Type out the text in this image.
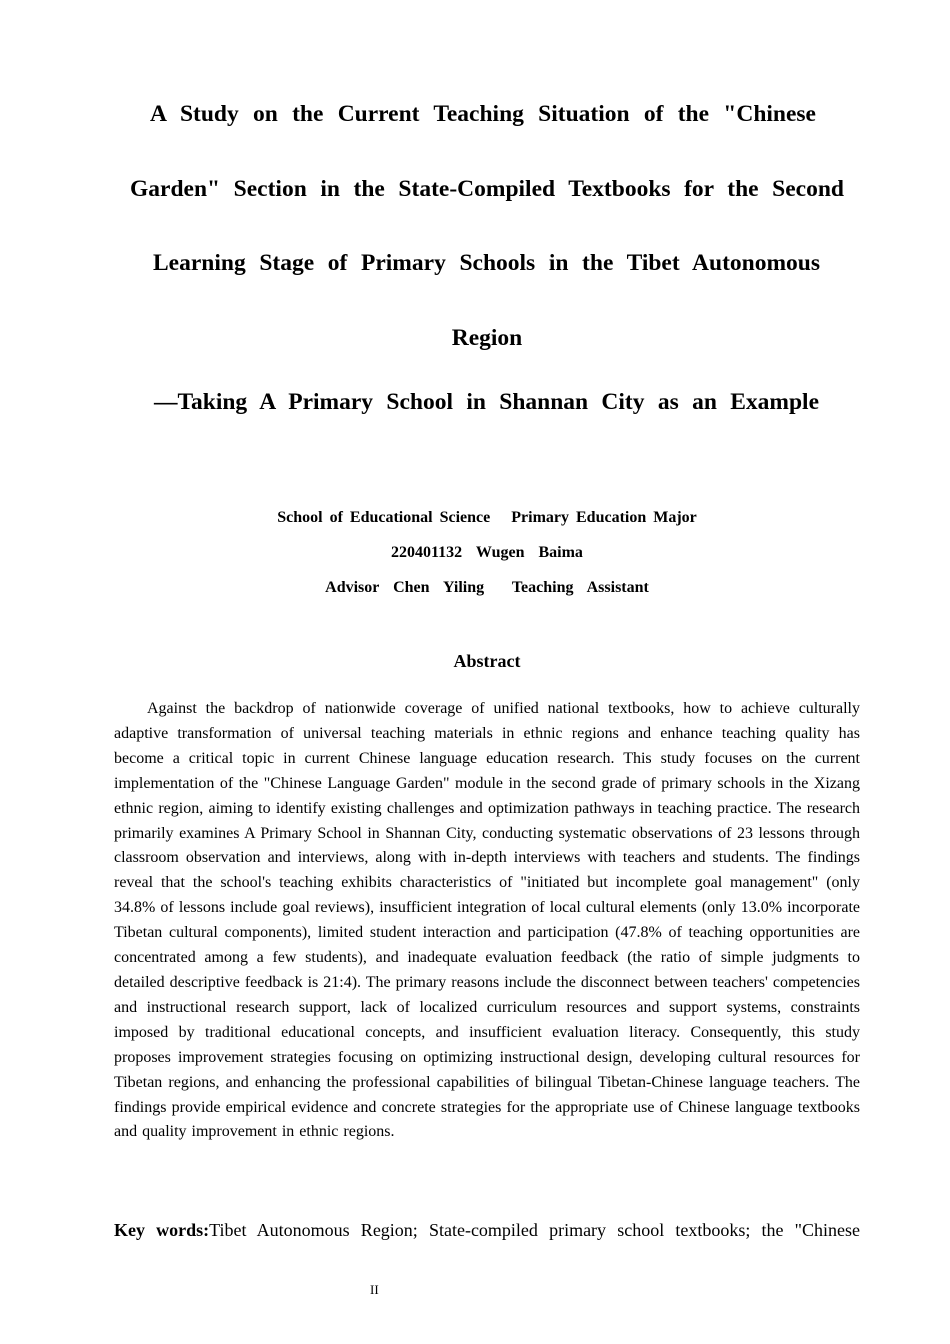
A Study on the Current Teaching Situation of the "Chinese
Garden" Section in the State-Compiled Textbooks for the Second
Learning Stage of Primary Schools in the Tibet Autonomous
Region
—Taking A Primary School in Shannan City as an Example
School of Educational Science   Primary Education Major
220401132  Wugen  Baima
Advisor  Chen  Yiling    Teaching  Assistant
Abstract
Against the backdrop of nationwide coverage of unified national textbooks, how to achieve culturally adaptive transformation of universal teaching materials in ethnic regions and enhance teaching quality has become a critical topic in current Chinese language education research. This study focuses on the current implementation of the "Chinese Language Garden" module in the second grade of primary schools in the Xizang ethnic region, aiming to identify existing challenges and optimization pathways in teaching practice. The research primarily examines A Primary School in Shannan City, conducting systematic observations of 23 lessons through classroom observation and interviews, along with in-depth interviews with teachers and students. The findings reveal that the school's teaching exhibits characteristics of "initiated but incomplete goal management" (only 34.8% of lessons include goal reviews), insufficient integration of local cultural elements (only 13.0% incorporate Tibetan cultural components), limited student interaction and participation (47.8% of teaching opportunities are concentrated among a few students), and inadequate evaluation feedback (the ratio of simple judgments to detailed descriptive feedback is 21:4). The primary reasons include the disconnect between teachers' competencies and instructional research support, lack of localized curriculum resources and support systems, constraints imposed by traditional educational concepts, and insufficient evaluation literacy. Consequently, this study proposes improvement strategies focusing on optimizing instructional design, developing cultural resources for Tibetan regions, and enhancing the professional capabilities of bilingual Tibetan-Chinese language teachers. The findings provide empirical evidence and concrete strategies for the appropriate use of Chinese language textbooks and quality improvement in ethnic regions.
Key words:Tibet Autonomous Region; State-compiled primary school textbooks; the "Chinese
II
